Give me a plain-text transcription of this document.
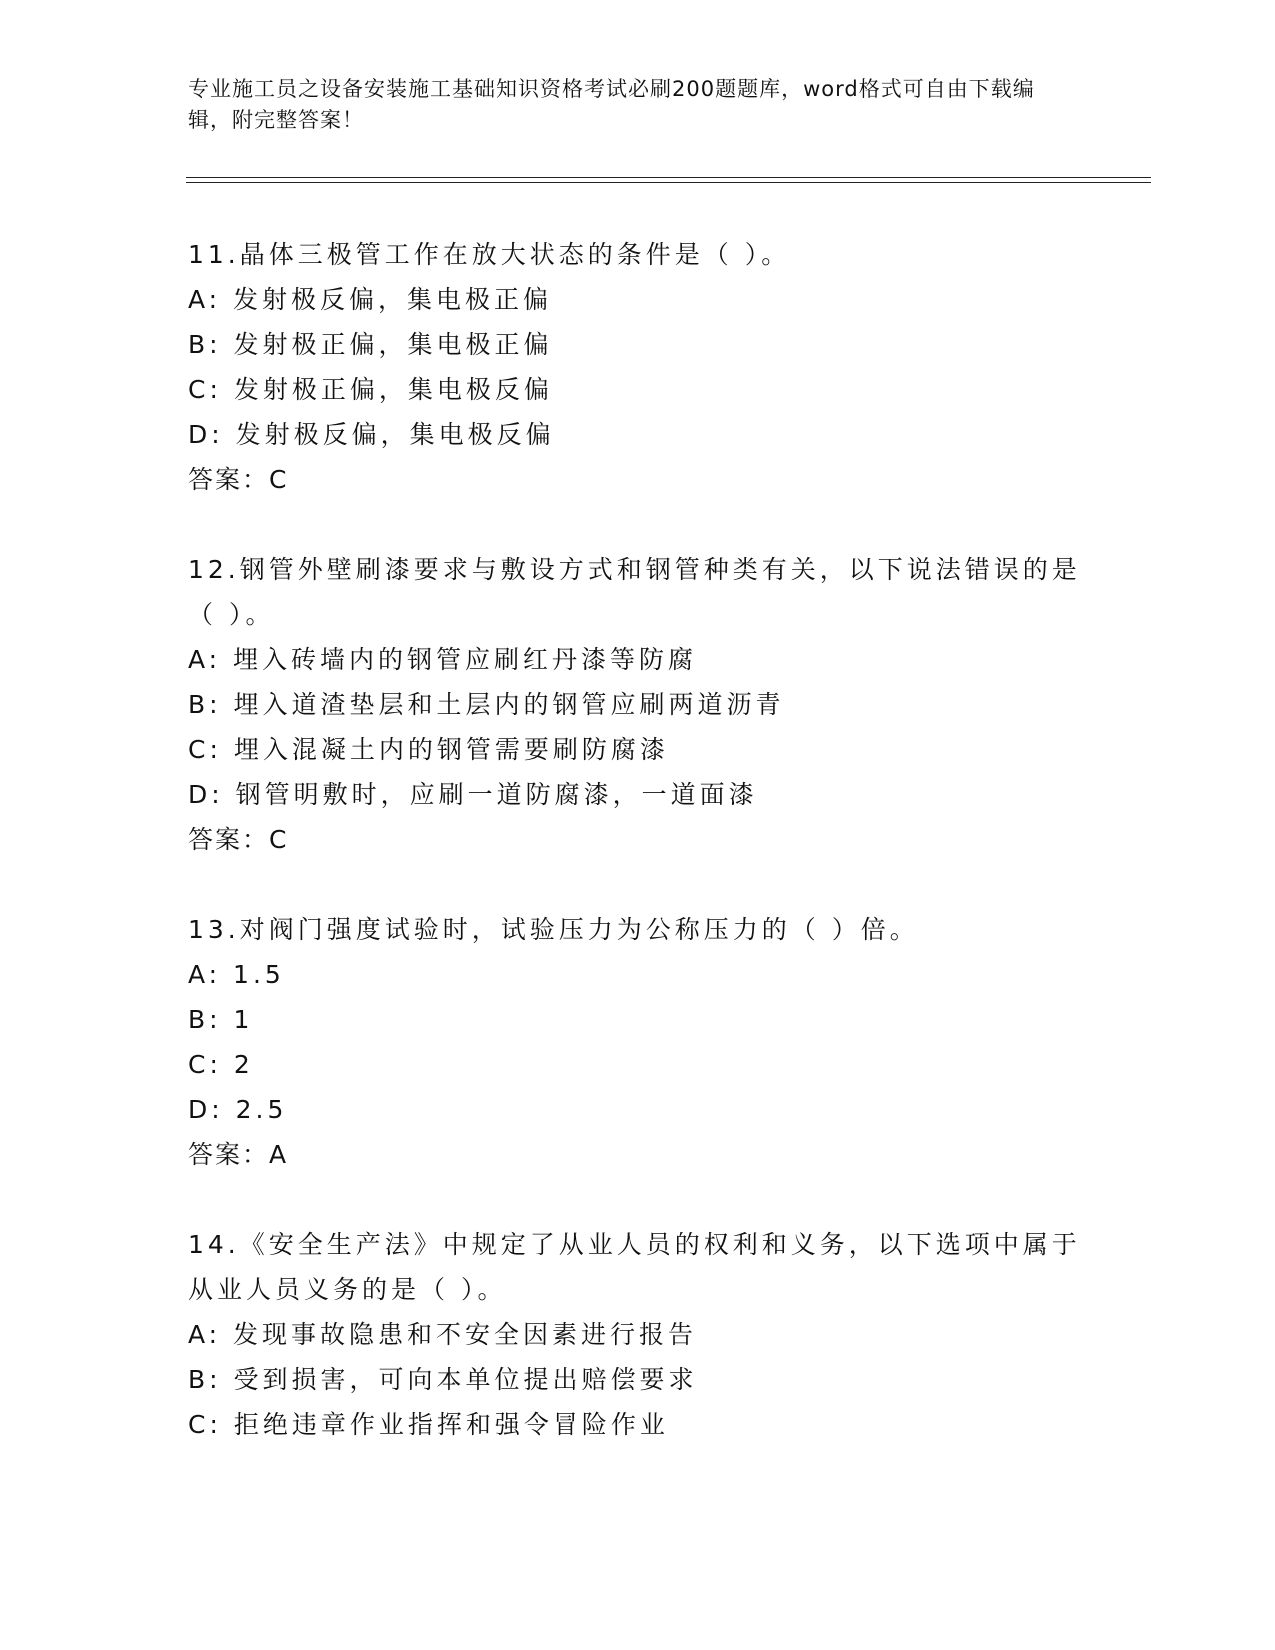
专业施工员之设备安装施工基础知识资格考试必刷200题题库，word格式可自由下载编辑，附完整答案！
11.晶体三极管工作在放大状态的条件是（ ）。
A: 发射极反偏，集电极正偏
B: 发射极正偏，集电极正偏
C: 发射极正偏，集电极反偏
D: 发射极反偏，集电极反偏
答案：C
12.钢管外壁刷漆要求与敷设方式和钢管种类有关，以下说法错误的是（ ）。
A: 埋入砖墙内的钢管应刷红丹漆等防腐
B: 埋入道渣垫层和土层内的钢管应刷两道沥青
C: 埋入混凝土内的钢管需要刷防腐漆
D: 钢管明敷时，应刷一道防腐漆，一道面漆
答案：C
13.对阀门强度试验时，试验压力为公称压力的（ ）倍。
A: 1.5
B: 1
C: 2
D: 2.5
答案：A
14.《安全生产法》中规定了从业人员的权利和义务，以下选项中属于从业人员义务的是（ ）。
A: 发现事故隐患和不安全因素进行报告
B: 受到损害，可向本单位提出赔偿要求
C: 拒绝违章作业指挥和强令冒险作业
